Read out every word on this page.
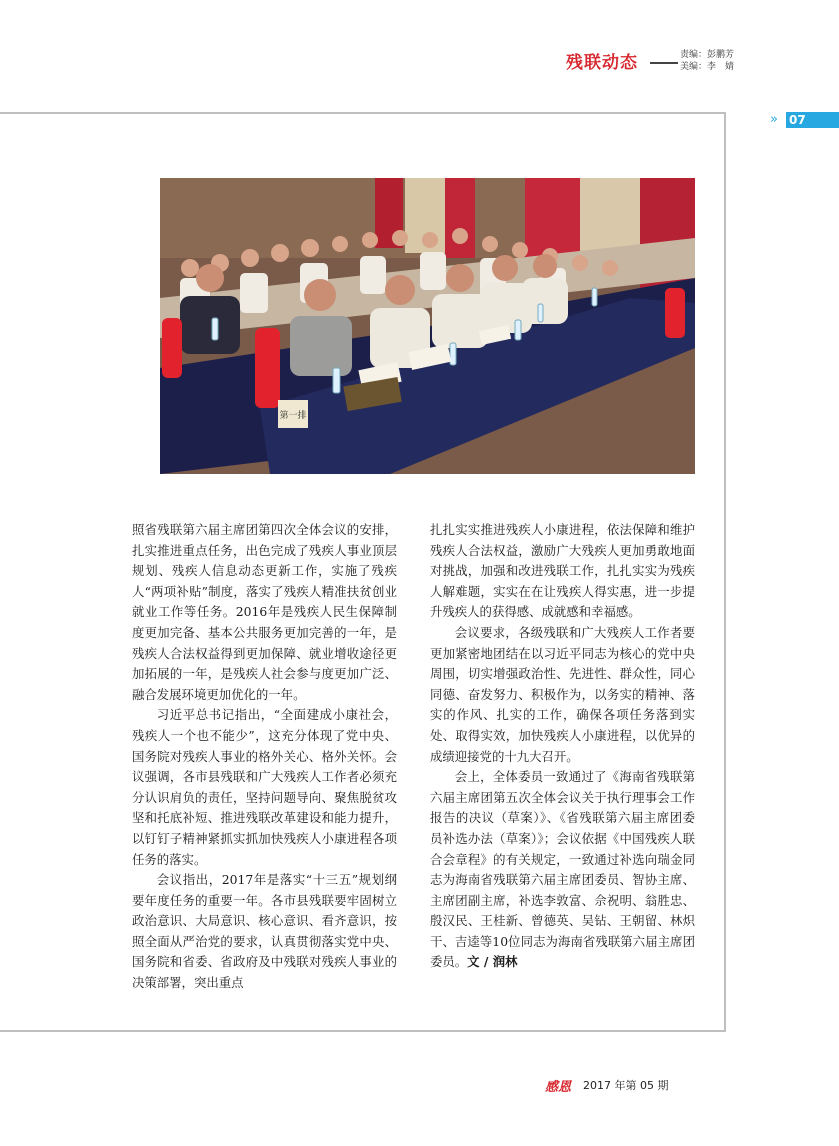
残联动态	责编：彭鹏芳
美编：李　婧
» 07
第一排

照省残联第六届主席团第四次全体会议的安排，扎实推进重点任务，出色完成了残疾人事业顶层规划、残疾人信息动态更新工作，实施了残疾人“两项补贴”制度，落实了残疾人精准扶贫创业就业工作等任务。2016年是残疾人民生保障制度更加完备、基本公共服务更加完善的一年，是残疾人合法权益得到更加保障、就业增收途径更加拓展的一年，是残疾人社会参与度更加广泛、融合发展环境更加优化的一年。

习近平总书记指出，“全面建成小康社会，残疾人一个也不能少”，这充分体现了党中央、国务院对残疾人事业的格外关心、格外关怀。会议强调，各市县残联和广大残疾人工作者必须充分认识肩负的责任，坚持问题导向、聚焦脱贫攻坚和托底补短、推进残联改革建设和能力提升，以钉钉子精神紧抓实抓加快残疾人小康进程各项任务的落实。

会议指出，2017年是落实“十三五”规划纲要年度任务的重要一年。各市县残联要牢固树立政治意识、大局意识、核心意识、看齐意识，按照全面从严治党的要求，认真贯彻落实党中央、国务院和省委、省政府及中残联对残疾人事业的决策部署，突出重点

扎扎实实推进残疾人小康进程，依法保障和维护残疾人合法权益，激励广大残疾人更加勇敢地面对挑战，加强和改进残联工作，扎扎实实为残疾人解难题，实实在在让残疾人得实惠，进一步提升残疾人的获得感、成就感和幸福感。

会议要求，各级残联和广大残疾人工作者要更加紧密地团结在以习近平同志为核心的党中央周围，切实增强政治性、先进性、群众性，同心同德、奋发努力、积极作为，以务实的精神、落实的作风、扎实的工作，确保各项任务落到实处、取得实效，加快残疾人小康进程，以优异的成绩迎接党的十九大召开。

会上，全体委员一致通过了《海南省残联第六届主席团第五次全体会议关于执行理事会工作报告的决议（草案）》、《省残联第六届主席团委员补选办法（草案）》；会议依据《中国残疾人联合会章程》的有关规定，一致通过补选向瑞金同志为海南省残联第六届主席团委员、智协主席、主席团副主席，补选李敦富、佘祝明、翁胜忠、殷汉民、王桂新、曾德英、吴钻、王朝留、林炽干、吉逵等10位同志为海南省残联第六届主席团委员。文 / 润林

感恩 2017 年第 05 期
